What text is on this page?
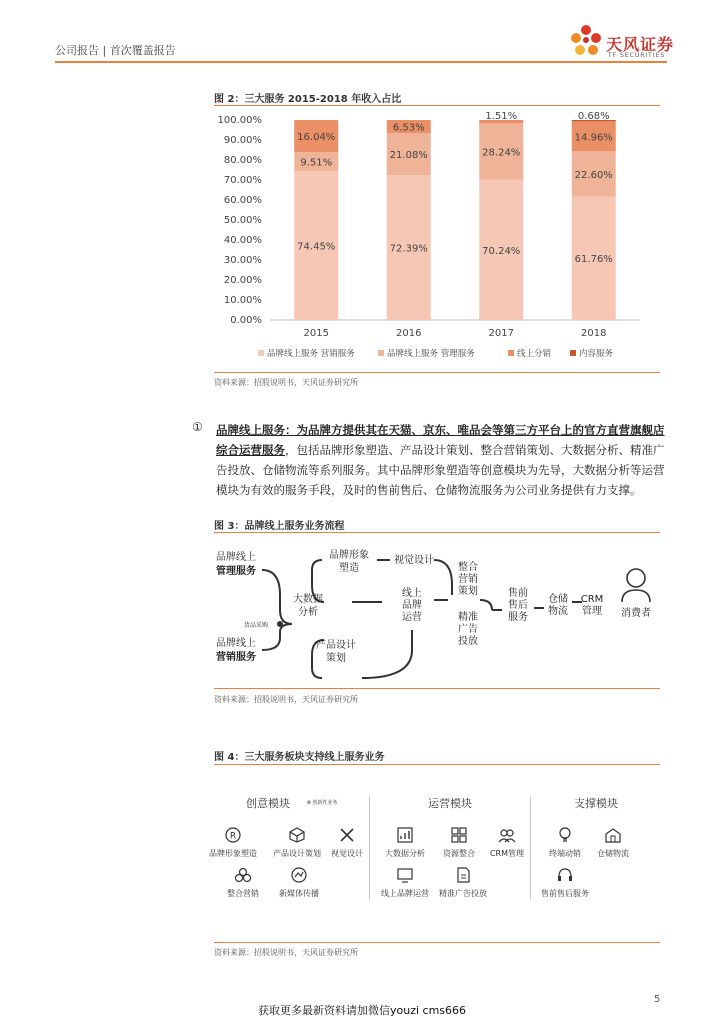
公司报告 | 首次覆盖报告	天风证券
TF SECURITIES
图 2：三大服务 2015-2018 年收入占比
0.00%
10.00%
20.00%
30.00%
40.00%
50.00%
60.00%
70.00%
80.00%
90.00%
100.00%
2015	2016	2017	2018
74.45%
9.51%
16.04%
72.39%
21.08%
6.53%
70.24%
28.24%
1.51%
61.76%
22.60%
14.96%
0.68%
品牌线上服务 营销服务	品牌线上服务 管理服务	线上分销	内容服务
资料来源：招股说明书，天风证券研究所
① 品牌线上服务：为品牌方提供其在天猫、京东、唯品会等第三方平台上的官方直营旗舰店综合运营服务，包括品牌形象塑造、产品设计策划、整合营销策划、大数据分析、精准广告投放、仓储物流等系列服务。其中品牌形象塑造等创意模块为先导，大数据分析等运营模块为有效的服务手段，及时的售前售后、仓储物流服务为公司业务提供有力支撑。
图 3：品牌线上服务业务流程
品牌线上
管理服务
品牌线上
营销服务
货品采购
大数据
分析
品牌形象
塑造
视觉设计
产品设计
策划
线上
品牌
运营
整合
营销
策划
精准
广告
投放
售前
售后
服务
仓储
物流
CRM
管理 消费者
资料来源：招股说明书，天风证券研究所
图 4：三大服务板块支持线上服务业务
创意模块	⊗ 创新性业务	运营模块	支撑模块
R
品牌形象塑造	产品设计策划	视觉设计
整合营销	新媒体传播
大数据分析	资源整合	CRM管理
线上品牌运营	精准广告投放
终端动销	仓储物流
售前售后服务
资料来源：招股说明书，天风证券研究所
5
获取更多最新资料请加微信youzi cms666
